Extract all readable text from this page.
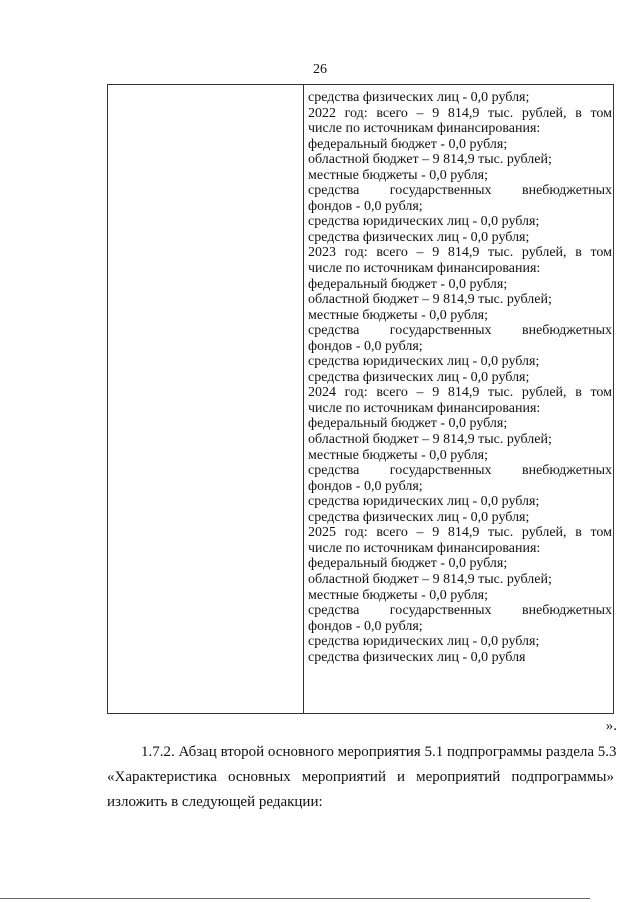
26
средства физических лиц - 0,0 рубля;
2022 год: всего – 9 814,9 тыс. рублей, в том
числе по источникам финансирования:
федеральный бюджет - 0,0 рубля;
областной бюджет – 9 814,9 тыс. рублей;
местные бюджеты - 0,0 рубля;
средства государственных внебюджетных
фондов - 0,0 рубля;
средства юридических лиц - 0,0 рубля;
средства физических лиц - 0,0 рубля;
2023 год: всего – 9 814,9 тыс. рублей, в том
числе по источникам финансирования:
федеральный бюджет - 0,0 рубля;
областной бюджет – 9 814,9 тыс. рублей;
местные бюджеты - 0,0 рубля;
средства государственных внебюджетных
фондов - 0,0 рубля;
средства юридических лиц - 0,0 рубля;
средства физических лиц - 0,0 рубля;
2024 год: всего – 9 814,9 тыс. рублей, в том
числе по источникам финансирования:
федеральный бюджет - 0,0 рубля;
областной бюджет – 9 814,9 тыс. рублей;
местные бюджеты - 0,0 рубля;
средства государственных внебюджетных
фондов - 0,0 рубля;
средства юридических лиц - 0,0 рубля;
средства физических лиц - 0,0 рубля;
2025 год: всего – 9 814,9 тыс. рублей, в том
числе по источникам финансирования:
федеральный бюджет - 0,0 рубля;
областной бюджет – 9 814,9 тыс. рублей;
местные бюджеты - 0,0 рубля;
средства государственных внебюджетных
фондов - 0,0 рубля;
средства юридических лиц - 0,0 рубля;
средства физических лиц - 0,0 рубля
».
1.7.2. Абзац второй основного мероприятия 5.1 подпрограммы раздела 5.3
«Характеристика основных мероприятий и мероприятий подпрограммы»
изложить в следующей редакции:
